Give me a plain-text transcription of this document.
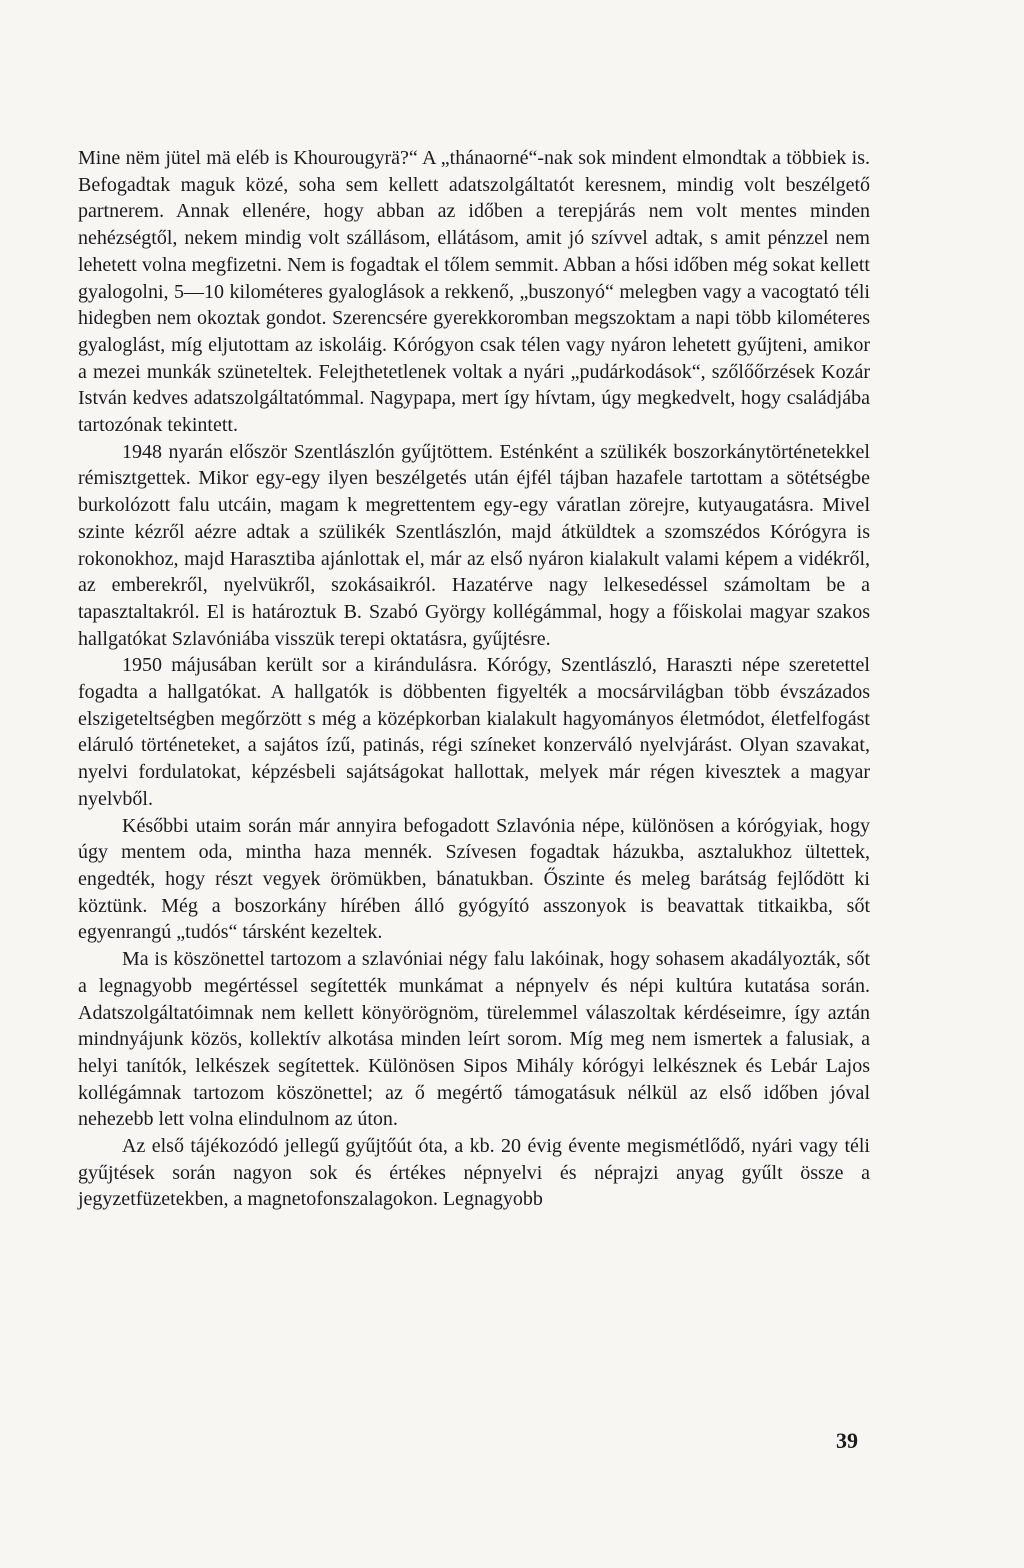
Mine nëm jütel mä eléb is Khourougyrä?“ A „thánaorné“-nak sok mindent elmondtak a többiek is. Befogadtak maguk közé, soha sem kellett adatszolgáltatót keresnem, mindig volt beszélgető partnerem. Annak ellenére, hogy abban az időben a terepjárás nem volt mentes minden nehézségtől, nekem mindig volt szállásom, ellátásom, amit jó szívvel adtak, s amit pénzzel nem lehetett volna megfizetni. Nem is fogadtak el tőlem semmit. Abban a hősi időben még sokat kellett gyalogolni, 5—10 kilométeres gyaloglások a rekkenő, „buszonyó“ melegben vagy a vacogtató téli hidegben nem okoztak gondot. Szerencsére gyerekkoromban megszoktam a napi több kilométeres gyaloglást, míg eljutottam az iskoláig. Kórógyon csak télen vagy nyáron lehetett gyűjteni, amikor a mezei munkák szüneteltek. Felejthetetlenek voltak a nyári „pudárkodások“, szőlőőrzések Kozár István kedves adatszolgáltatómmal. Nagypapa, mert így hívtam, úgy megkedvelt, hogy családjába tartozónak tekintett.

1948 nyarán először Szentlászlón gyűjtöttem. Esténként a szülikék boszorkánytörténetekkel rémisztgettek. Mikor egy-egy ilyen beszélgetés után éjfél tájban hazafele tartottam a sötétségbe burkolózott falu utcáin, magam k megrettentem egy-egy váratlan zörejre, kutyaugatásra. Mivel szinte kézről aézre adtak a szülikék Szentlászlón, majd átküldtek a szomszédos Kórógyra is rokonokhoz, majd Harasztiba ajánlottak el, már az első nyáron kialakult valami képem a vidékről, az emberekről, nyelvükről, szokásaikról. Hazatérve nagy lelkesedéssel számoltam be a tapasztaltakról. El is határoztuk B. Szabó György kollégámmal, hogy a főiskolai magyar szakos hallgatókat Szlavóniába visszük terepi oktatásra, gyűjtésre.

1950 májusában került sor a kirándulásra. Kórógy, Szentlászló, Haraszti népe szeretettel fogadta a hallgatókat. A hallgatók is döbbenten figyelték a mocsárvilágban több évszázados elszigeteltségben megőrzött s még a középkorban kialakult hagyományos életmódot, életfelfogást eláruló történeteket, a sajátos ízű, patinás, régi színeket konzerváló nyelvjárást. Olyan szavakat, nyelvi fordulatokat, képzésbeli sajátságokat hallottak, melyek már régen kivesztek a magyar nyelvből.

Későbbi utaim során már annyira befogadott Szlavónia népe, különösen a kórógyiak, hogy úgy mentem oda, mintha haza mennék. Szívesen fogadtak házukba, asztalukhoz ültettek, engedték, hogy részt vegyek örömükben, bánatukban. Őszinte és meleg barátság fejlődött ki köztünk. Még a boszorkány hírében álló gyógyító asszonyok is beavattak titkaikba, sőt egyenrangú „tudós“ társként kezeltek.

Ma is köszönettel tartozom a szlavóniai négy falu lakóinak, hogy sohasem akadályozták, sőt a legnagyobb megértéssel segítették munkámat a népnyelv és népi kultúra kutatása során. Adatszolgáltatóimnak nem kellett könyörögnöm, türelemmel válaszoltak kérdéseimre, így aztán mindnyájunk közös, kollektív alkotása minden leírt sorom. Míg meg nem ismertek a falusiak, a helyi tanítók, lelkészek segítettek. Különösen Sipos Mihály kórógyi lelkésznek és Lebár Lajos kollégámnak tartozom köszönettel; az ő megértő támogatásuk nélkül az első időben jóval nehezebb lett volna elindulnom az úton.

Az első tájékozódó jellegű gyűjtőút óta, a kb. 20 évig évente megismétlődő, nyári vagy téli gyűjtések során nagyon sok és értékes népnyelvi és néprajzi anyag gyűlt össze a jegyzetfüzetekben, a magnetofonszalagokon. Legnagyobb

39
